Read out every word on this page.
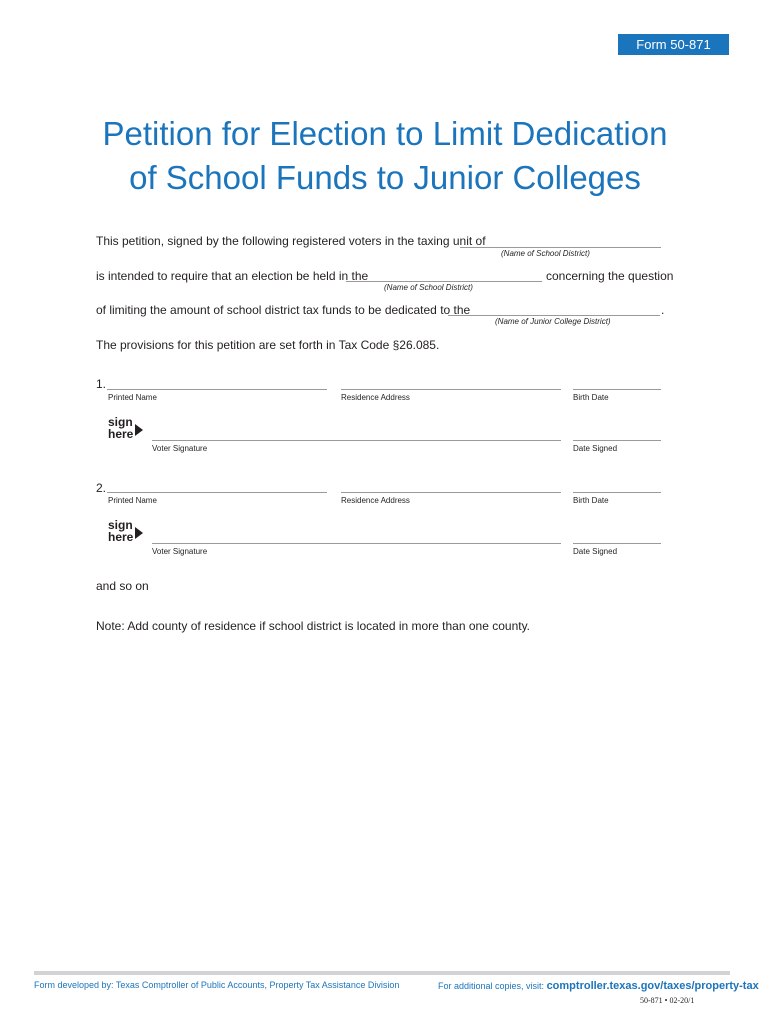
Form 50-871
Petition for Election to Limit Dedication
of School Funds to Junior Colleges
This petition, signed by the following registered voters in the taxing unit of
(Name of School District)
is intended to require that an election be held in the	concerning the question
(Name of School District)
of limiting the amount of school district tax funds to be dedicated to the	.
(Name of Junior College District)
The provisions for this petition are set forth in Tax Code §26.085.
1.
Printed Name	Residence Address	Birth Date
sign
here
Voter Signature	Date Signed
2.
Printed Name	Residence Address	Birth Date
sign
here
Voter Signature	Date Signed
and so on
Note: Add county of residence if school district is located in more than one county.
Form developed by: Texas Comptroller of Public Accounts, Property Tax Assistance Division	For additional copies, visit: comptroller.texas.gov/taxes/property-tax
50-871 • 02-20/1
